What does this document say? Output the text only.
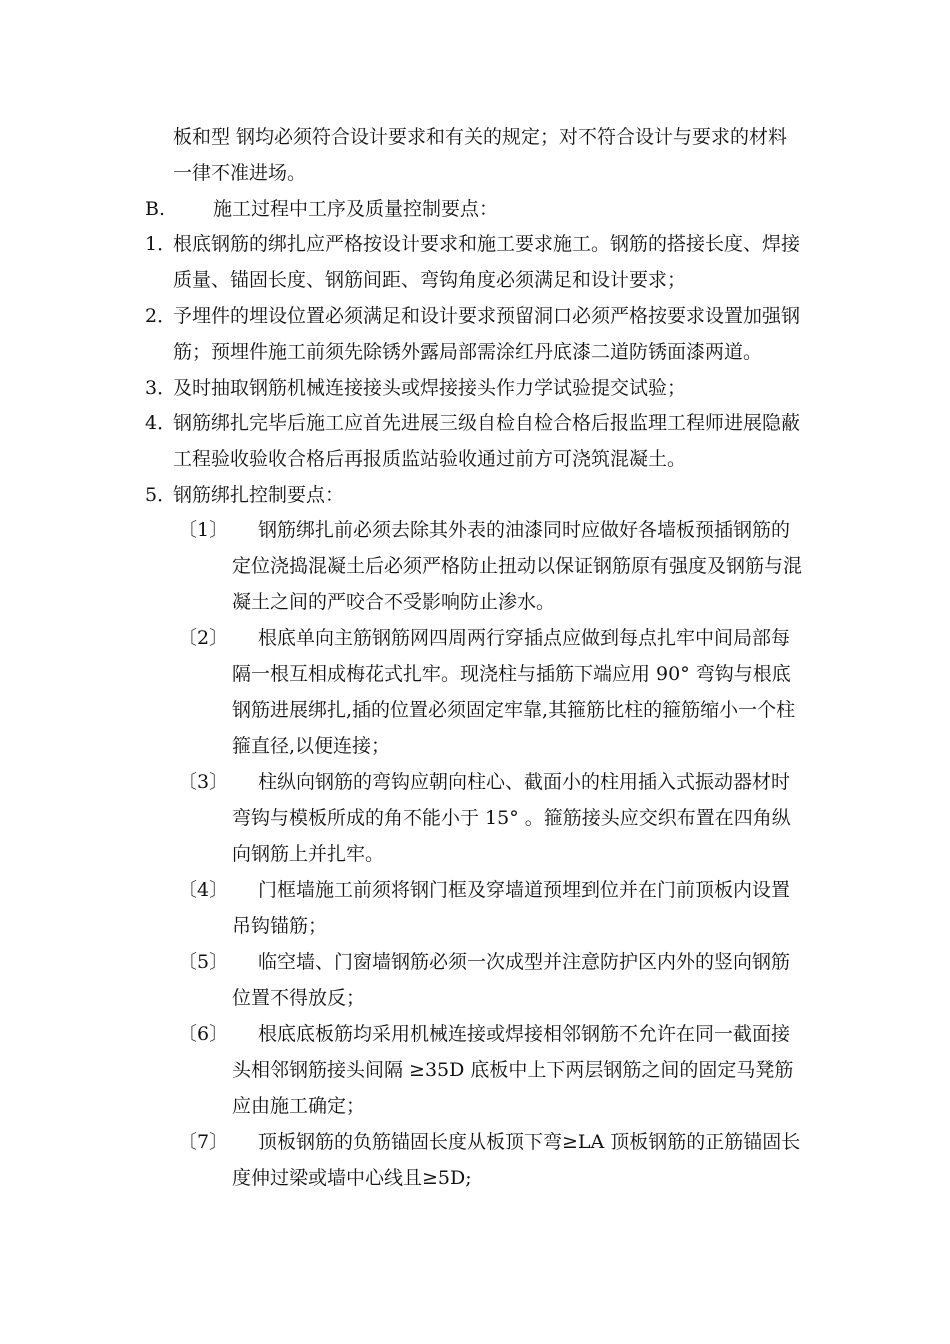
板和型 钢均必须符合设计要求和有关的规定；对不符合设计与要求的材料
一律不准进场。
B.	施工过程中工序及质量控制要点：
1．
根底钢筋的绑扎应严格按设计要求和施工要求施工。钢筋的搭接长度、焊接
质量、锚固长度、钢筋间距、弯钩角度必须满足和设计要求；
2．
予埋件的埋设位置必须满足和设计要求预留洞口必须严格按要求设置加强钢
筋；预埋件施工前须先除锈外露局部需涂红丹底漆二道防锈面漆两道。
3．
及时抽取钢筋机械连接接头或焊接接头作力学试验提交试验；
4．
钢筋绑扎完毕后施工应首先进展三级自检自检合格后报监理工程师进展隐蔽
工程验收验收合格后再报质监站验收通过前方可浇筑混凝土。
5．
钢筋绑扎控制要点：
〔1〕 钢筋绑扎前必须去除其外表的油漆同时应做好各墙板预插钢筋的
定位浇捣混凝土后必须严格防止扭动以保证钢筋原有强度及钢筋与混
凝土之间的严咬合不受影响防止渗水。
〔2〕 根底单向主筋钢筋网四周两行穿插点应做到每点扎牢中间局部每
隔一根互相成梅花式扎牢。现浇柱与插筋下端应用 90° 弯钩与根底
钢筋进展绑扎,插的位置必须固定牢靠,其箍筋比柱的箍筋缩小一个柱
箍直径,以便连接；
〔3〕 柱纵向钢筋的弯钩应朝向柱心、截面小的柱用插入式振动器材时
弯钩与模板所成的角不能小于 15° 。箍筋接头应交织布置在四角纵
向钢筋上并扎牢。
〔4〕 门框墙施工前须将钢门框及穿墙道预埋到位并在门前顶板内设置
吊钩锚筋；
〔5〕 临空墙、门窗墙钢筋必须一次成型并注意防护区内外的竖向钢筋
位置不得放反；
〔6〕 根底底板筋均采用机械连接或焊接相邻钢筋不允许在同一截面接
头相邻钢筋接头间隔 ≥35D 底板中上下两层钢筋之间的固定马凳筋
应由施工确定；
〔7〕 顶板钢筋的负筋锚固长度从板顶下弯≥LA 顶板钢筋的正筋锚固长
度伸过梁或墙中心线且≥5D;
